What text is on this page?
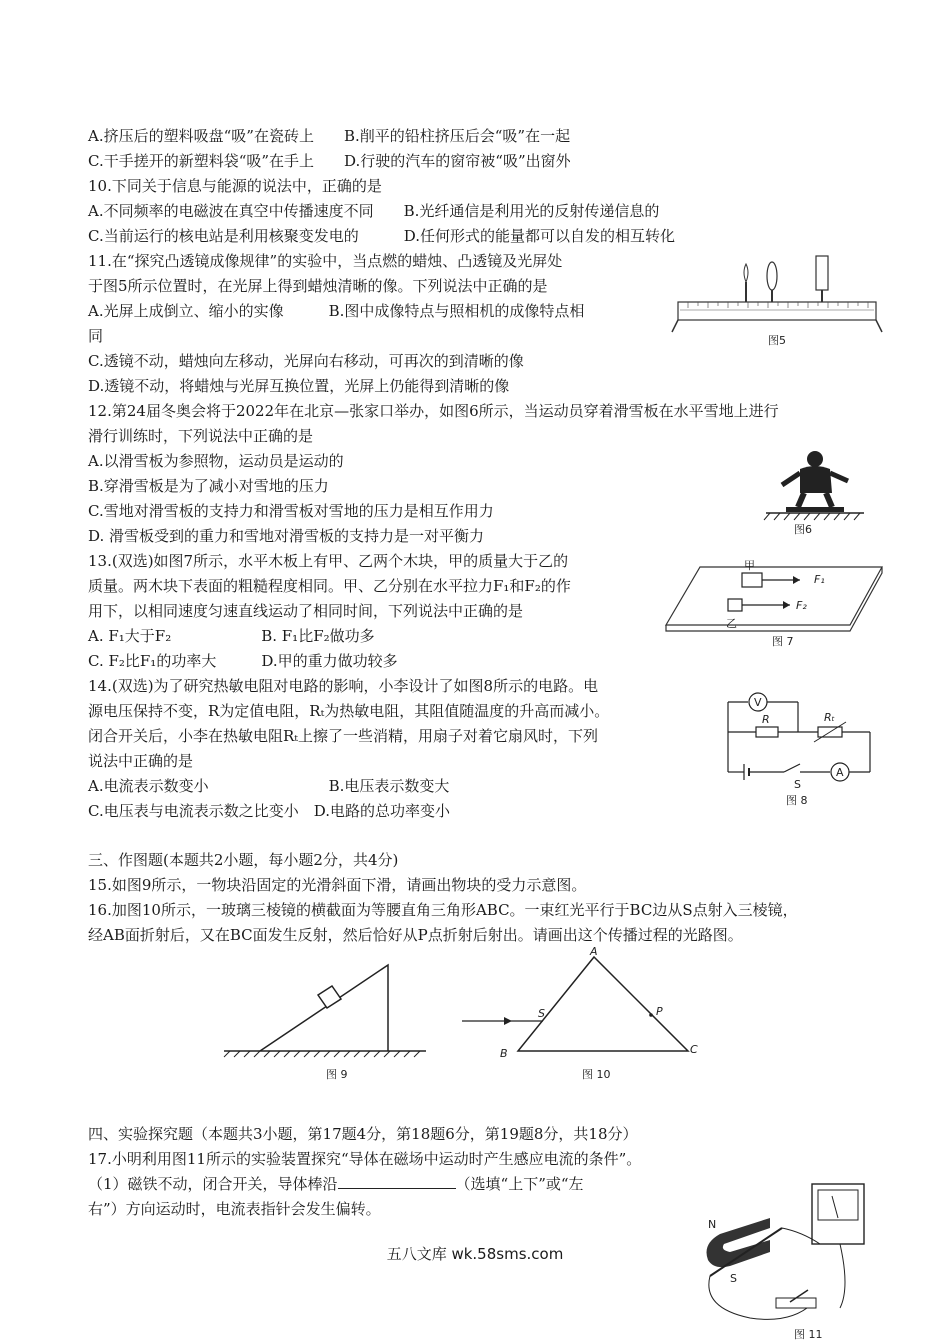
A.挤压后的塑料吸盘“吸”在瓷砖上　　B.削平的铅柱挤压后会“吸”在一起
C.干手搓开的新塑料袋“吸”在手上　　D.行驶的汽车的窗帘被“吸”出窗外
10.下同关于信息与能源的说法中，正确的是
A.不同频率的电磁波在真空中传播速度不同　　B.光纤通信是利用光的反射传递信息的
C.当前运行的核电站是利用核聚变发电的　　　D.任何形式的能量都可以自发的相互转化
11.在“探究凸透镜成像规律”的实验中，当点燃的蜡烛、凸透镜及光屏处
于图5所示位置时，在光屏上得到蜡烛清晰的像。下列说法中正确的是
A.光屏上成倒立、缩小的实像　　　B.图中成像特点与照相机的成像特点相
同
C.透镜不动，蜡烛向左移动，光屏向右移动，可再次的到清晰的像
D.透镜不动，将蜡烛与光屏互换位置，光屏上仍能得到清晰的像
12.第24届冬奥会将于2022年在北京—张家口举办，如图6所示，当运动员穿着滑雪板在水平雪地上进行
滑行训练时，下列说法中正确的是
A.以滑雪板为参照物，运动员是运动的
B.穿滑雪板是为了减小对雪地的压力
C.雪地对滑雪板的支持力和滑雪板对雪地的压力是相互作用力
D. 滑雪板受到的重力和雪地对滑雪板的支持力是一对平衡力
13.(双选)如图7所示，水平木板上有甲、乙两个木块，甲的质量大于乙的
质量。两木块下表面的粗糙程度相同。甲、乙分别在水平拉力F₁和F₂的作
用下，以相同速度匀速直线运动了相同时间，下列说法中正确的是
A. F₁大于F₂　　　　　　B. F₁比F₂做功多
C. F₂比F₁的功率大　　　D.甲的重力做功较多
14.(双选)为了研究热敏电阻对电路的影响，小李设计了如图8所示的电路。电
源电压保持不变，R为定值电阻，Rₜ为热敏电阻，其阻值随温度的升高而减小。
闭合开关后，小李在热敏电阻Rₜ上擦了一些消精，用扇子对着它扇风时，下列
说法中正确的是
A.电流表示数变小　　　　　　　　B.电压表示数变大
C.电压表与电流表示数之比变小　D.电路的总功率变小
三、作图题(本题共2小题，每小题2分，共4分)
15.如图9所示，一物块沿固定的光滑斜面下滑，请画出物块的受力示意图。
16.加图10所示，一玻璃三棱镜的横截面为等腰直角三角形ABC。一束红光平行于BC边从S点射入三棱镜，
经AB面折射后，又在BC面发生反射，然后恰好从P点折射后射出。请画出这个传播过程的光路图。
四、实验探究题（本题共3小题，第17题4分，第18题6分，第19题8分，共18分）
17.小明利用图11所示的实验装置探究“导体在磁场中运动时产生感应电流的条件”。
（1）磁铁不动，闭合开关，导体棒沿	（选填“上下”或“左
右”）方向运动时，电流表指针会发生偏转。
图5
图6
甲
乙
F₁
F₂
图 7
V
A
R	Rₜ
S
图 8
图 9
A
B	C
S	P
图 10
N
S
图 11
五八文库 wk.58sms.com
